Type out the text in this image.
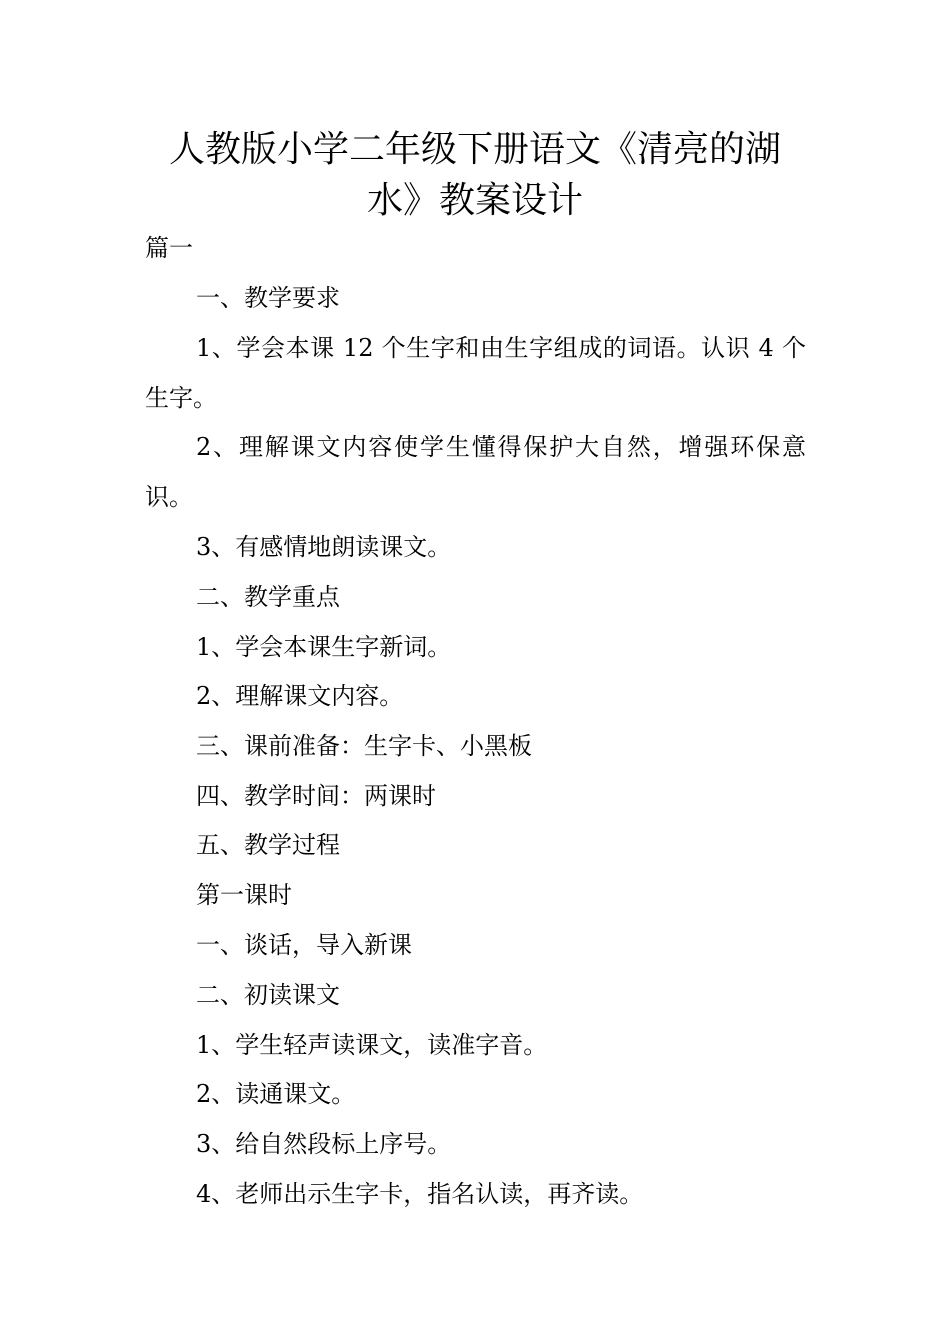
人教版小学二年级下册语文《清亮的湖
水》教案设计
篇一
一、教学要求
1、学会本课 12 个生字和由生字组成的词语。认识 4 个
生字。
2、理解课文内容使学生懂得保护大自然，增强环保意
识。
3、有感情地朗读课文。
二、教学重点
1、学会本课生字新词。
2、理解课文内容。
三、课前准备：生字卡、小黑板
四、教学时间：两课时
五、教学过程
第一课时
一、谈话，导入新课
二、初读课文
1、学生轻声读课文，读准字音。
2、读通课文。
3、给自然段标上序号。
4、老师出示生字卡，指名认读，再齐读。
